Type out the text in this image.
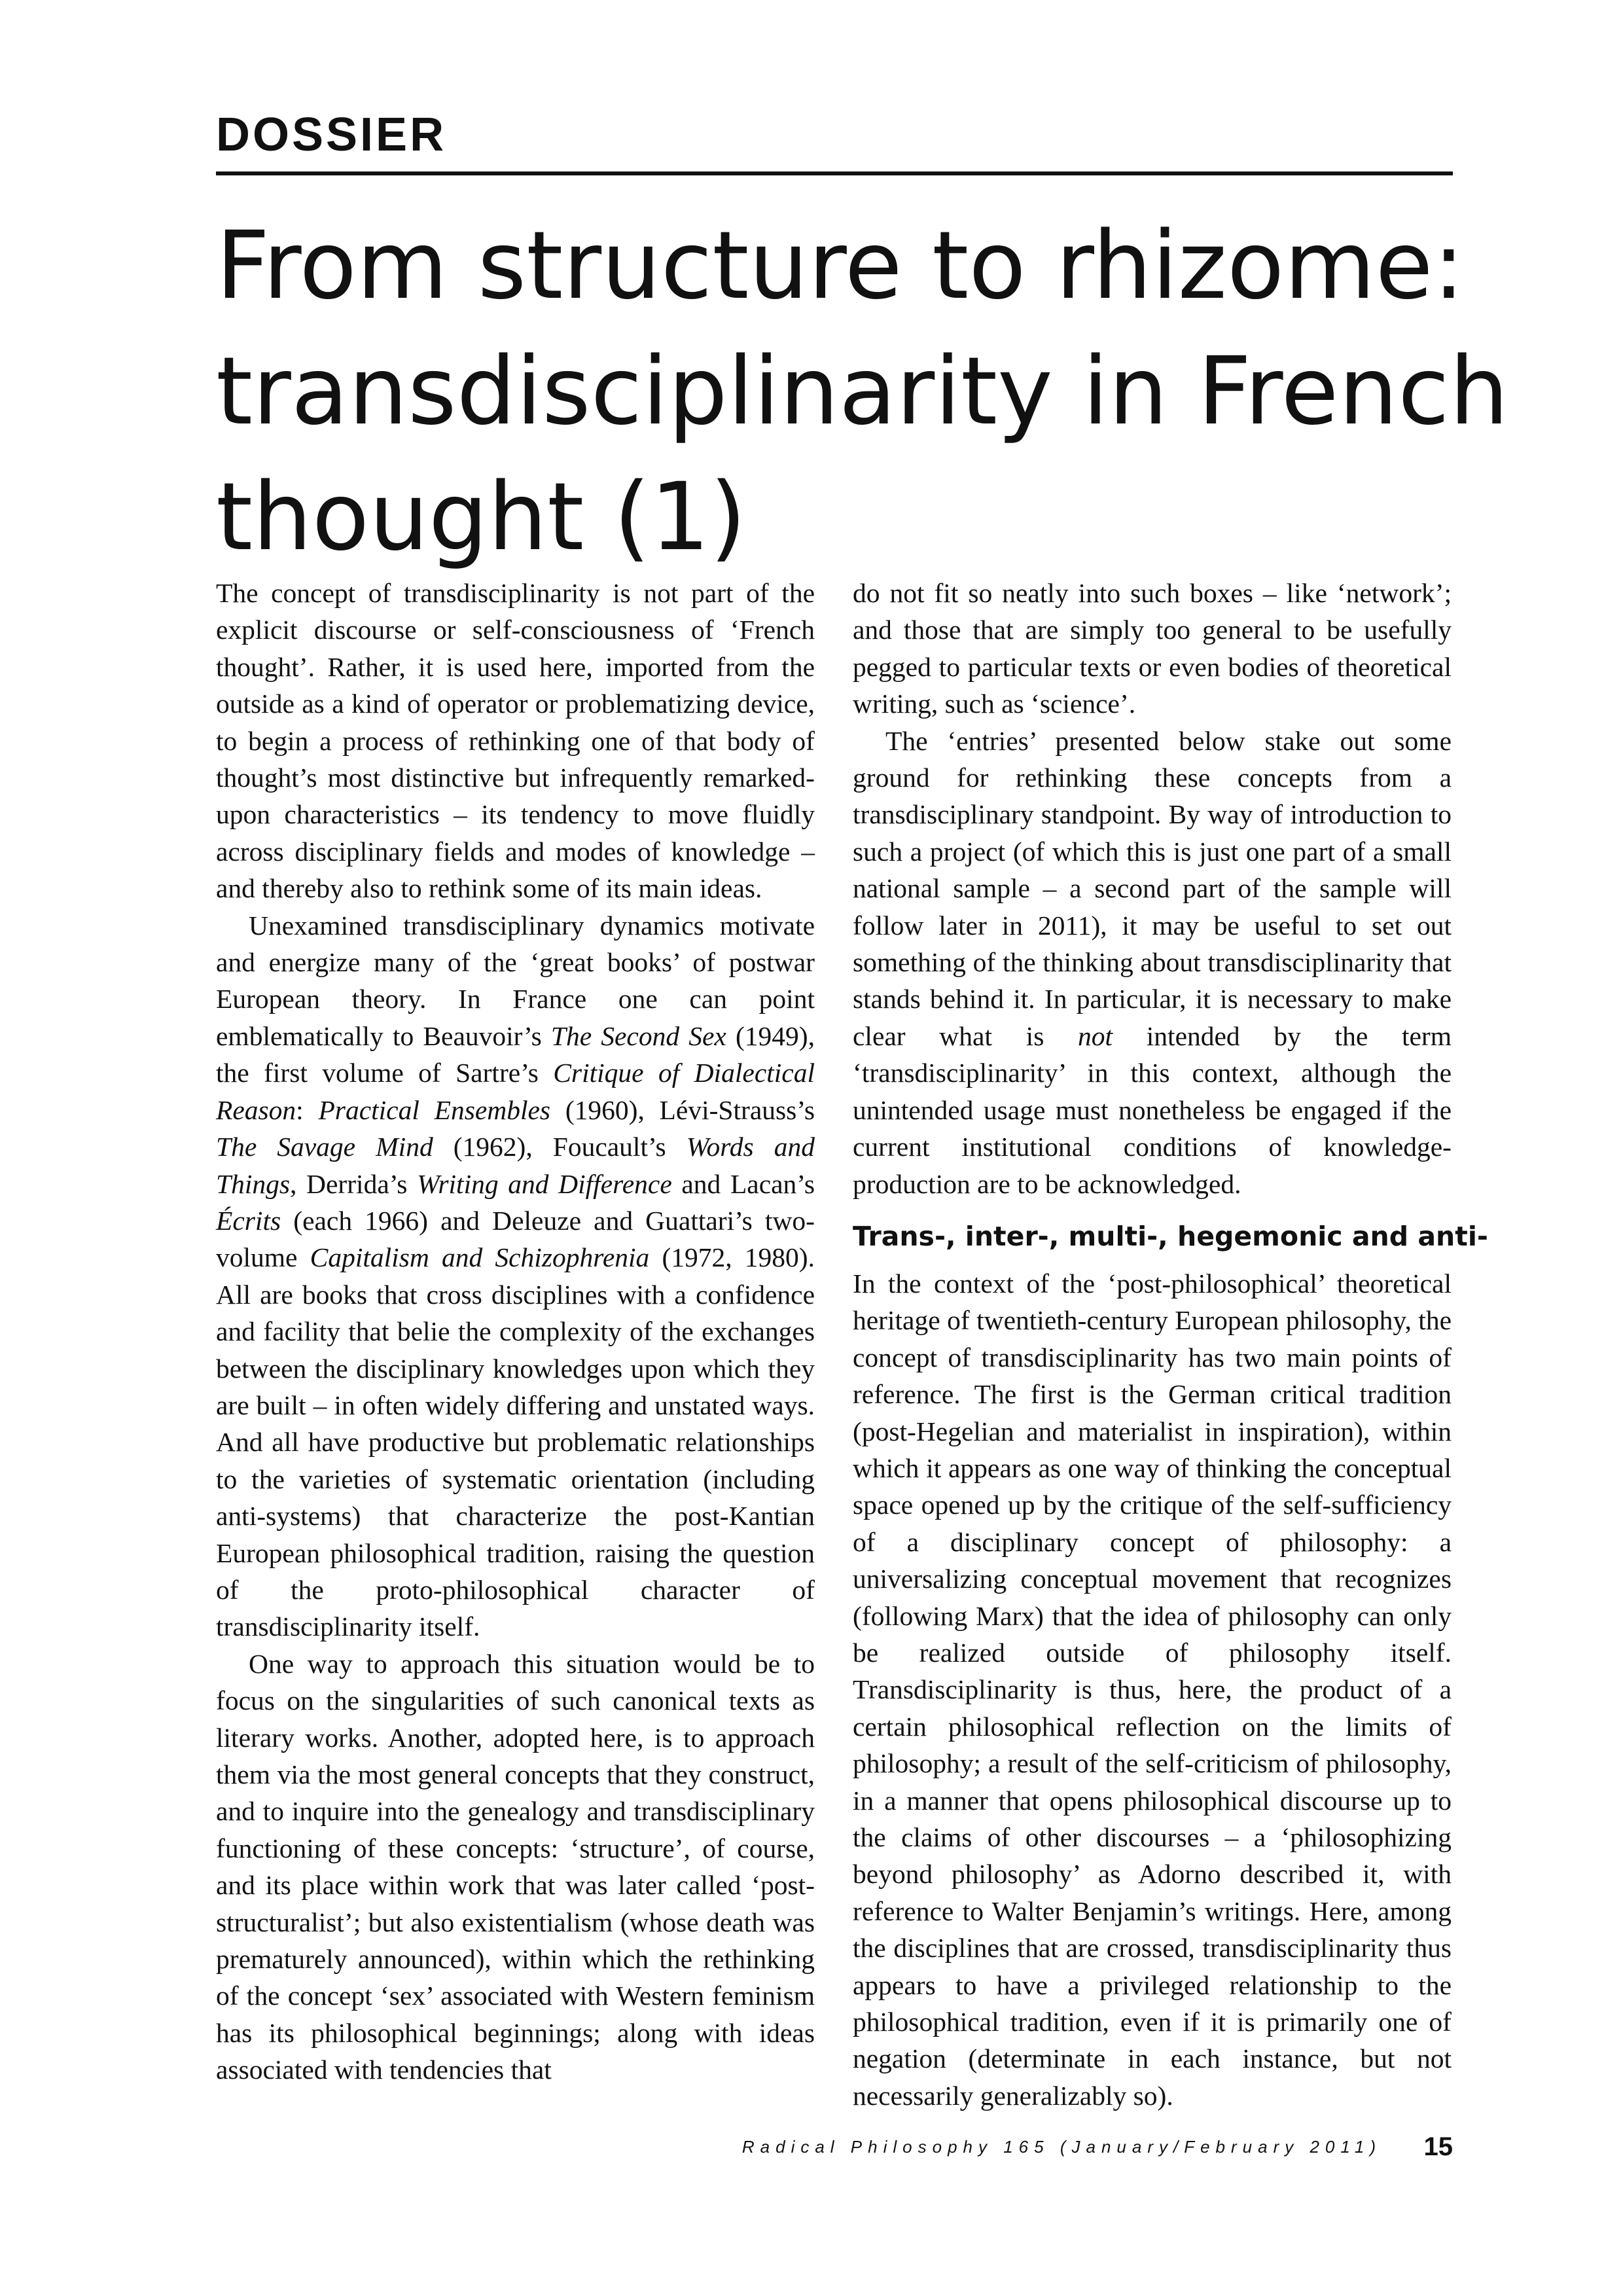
DOSSIER
From structure to rhizome:
transdisciplinarity in French
thought (1)

The concept of transdisciplinarity is not part of the explicit discourse or self-consciousness of ‘French thought’. Rather, it is used here, imported from the outside as a kind of operator or problematizing device, to begin a process of rethinking one of that body of thought’s most distinctive but infrequently remarked-upon characteristics – its tendency to move fluidly across disciplinary fields and modes of knowledge – and thereby also to rethink some of its main ideas.

Unexamined transdisciplinary dynamics motivate and energize many of the ‘great books’ of postwar European theory. In France one can point emblematically to Beauvoir’s The Second Sex (1949), the first volume of Sartre’s Critique of Dialectical Reason: Practical Ensembles (1960), Lévi-Strauss’s The Savage Mind (1962), Foucault’s Words and Things, Derrida’s Writing and Difference and Lacan’s Écrits (each 1966) and Deleuze and Guattari’s two-volume Capitalism and Schizophrenia (1972, 1980). All are books that cross disciplines with a confidence and facility that belie the complexity of the exchanges between the disciplinary knowledges upon which they are built – in often widely differing and unstated ways. And all have productive but problematic relationships to the varieties of systematic orientation (including anti-systems) that characterize the post-Kantian European philosophical tradition, raising the question of the proto-philosophical character of transdisciplinarity itself.

One way to approach this situation would be to focus on the singularities of such canonical texts as literary works. Another, adopted here, is to approach them via the most general concepts that they construct, and to inquire into the genealogy and transdisciplinary functioning of these concepts: ‘structure’, of course, and its place within work that was later called ‘post-structuralist’; but also existentialism (whose death was prematurely announced), within which the rethinking of the concept ‘sex’ associated with Western feminism has its philosophical beginnings; along with ideas associated with tendencies that

do not fit so neatly into such boxes – like ‘network’; and those that are simply too general to be usefully pegged to particular texts or even bodies of theoretical writing, such as ‘science’.

The ‘entries’ presented below stake out some ground for rethinking these concepts from a transdisciplinary standpoint. By way of introduction to such a project (of which this is just one part of a small national sample – a second part of the sample will follow later in 2011), it may be useful to set out something of the thinking about transdisciplinarity that stands behind it. In particular, it is necessary to make clear what is not intended by the term ‘transdisciplinarity’ in this context, although the unintended usage must nonetheless be engaged if the current institutional conditions of knowledge-production are to be acknowledged.

Trans-, inter-, multi-, hegemonic and anti-

In the context of the ‘post-philosophical’ theoretical heritage of twentieth-century European philosophy, the concept of transdisciplinarity has two main points of reference. The first is the German critical tradition (post-Hegelian and materialist in inspiration), within which it appears as one way of thinking the conceptual space opened up by the critique of the self-sufficiency of a disciplinary concept of philosophy: a universalizing conceptual movement that recognizes (following Marx) that the idea of philosophy can only be realized outside of philosophy itself. Transdisciplinarity is thus, here, the product of a certain philosophical reflection on the limits of philosophy; a result of the self-criticism of philosophy, in a manner that opens philosophical discourse up to the claims of other discourses – a ‘philosophizing beyond philosophy’ as Adorno described it, with reference to Walter Benjamin’s writings. Here, among the disciplines that are crossed, transdisciplinarity thus appears to have a privileged relationship to the philosophical tradition, even if it is primarily one of negation (determinate in each instance, but not necessarily generalizably so).

Radical Philosophy 165 (January/February 2011) 15
